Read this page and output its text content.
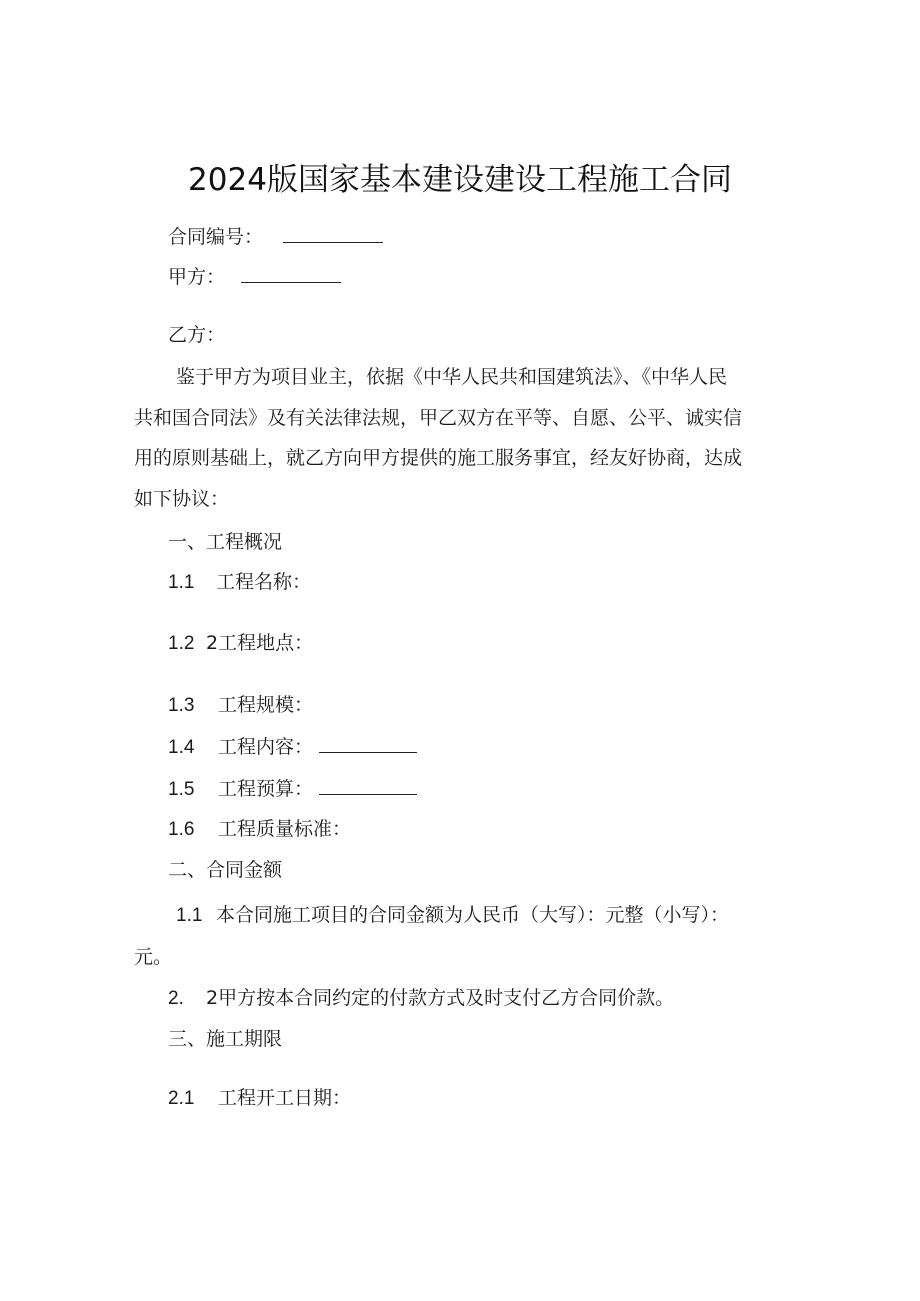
2024版国家基本建设建设工程施工合同
合同编号：
甲方：
乙方：
鉴于甲方为项目业主，依据《中华人民共和国建筑法》、《中华人民
共和国合同法》及有关法律法规，甲乙双方在平等、自愿、公平、诚实信
用的原则基础上，就乙方向甲方提供的施工服务事宜，经友好协商，达成
如下协议：
一、工程概况
1.1 工程名称：
1.2 2工程地点：
1.3 工程规模：
1.4 工程内容：
1.5 工程预算：
1.6 工程质量标准：
二、合同金额
1.1 本合同施工项目的合同金额为人民币（大写）：元整（小写）：
元。
2. 2甲方按本合同约定的付款方式及时支付乙方合同价款。
三、施工期限
2.1 工程开工日期：
